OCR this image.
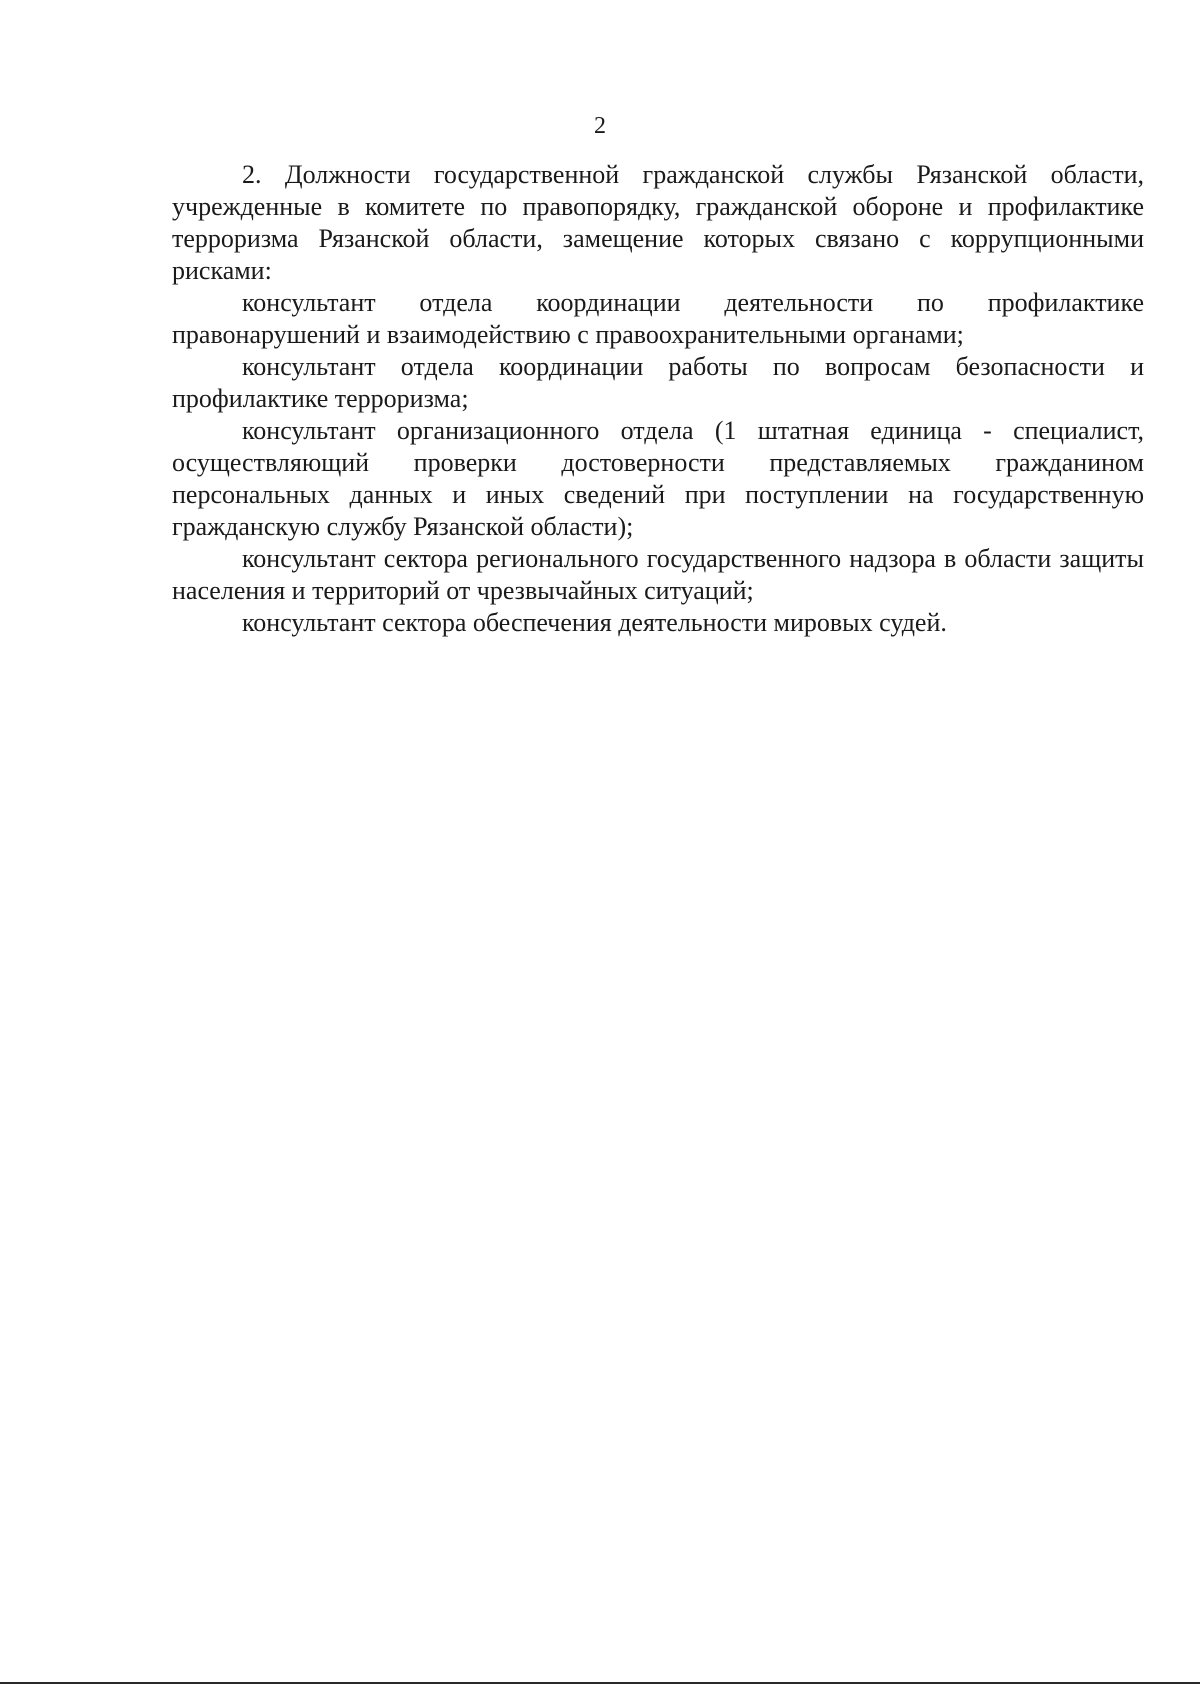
2

2. Должности государственной гражданской службы Рязанской области, учрежденные в комитете по правопорядку, гражданской обороне и профилактике терроризма Рязанской области, замещение которых связано с коррупционными рисками:

консультант отдела координации деятельности по профилактике правонарушений и взаимодействию с правоохранительными органами;

консультант отдела координации работы по вопросам безопасности и профилактике терроризма;

консультант организационного отдела (1 штатная единица - специалист, осуществляющий проверки достоверности представляемых гражданином персональных данных и иных сведений при поступлении на государственную гражданскую службу Рязанской области);

консультант сектора регионального государственного надзора в области защиты населения и территорий от чрезвычайных ситуаций;

консультант сектора обеспечения деятельности мировых судей.
